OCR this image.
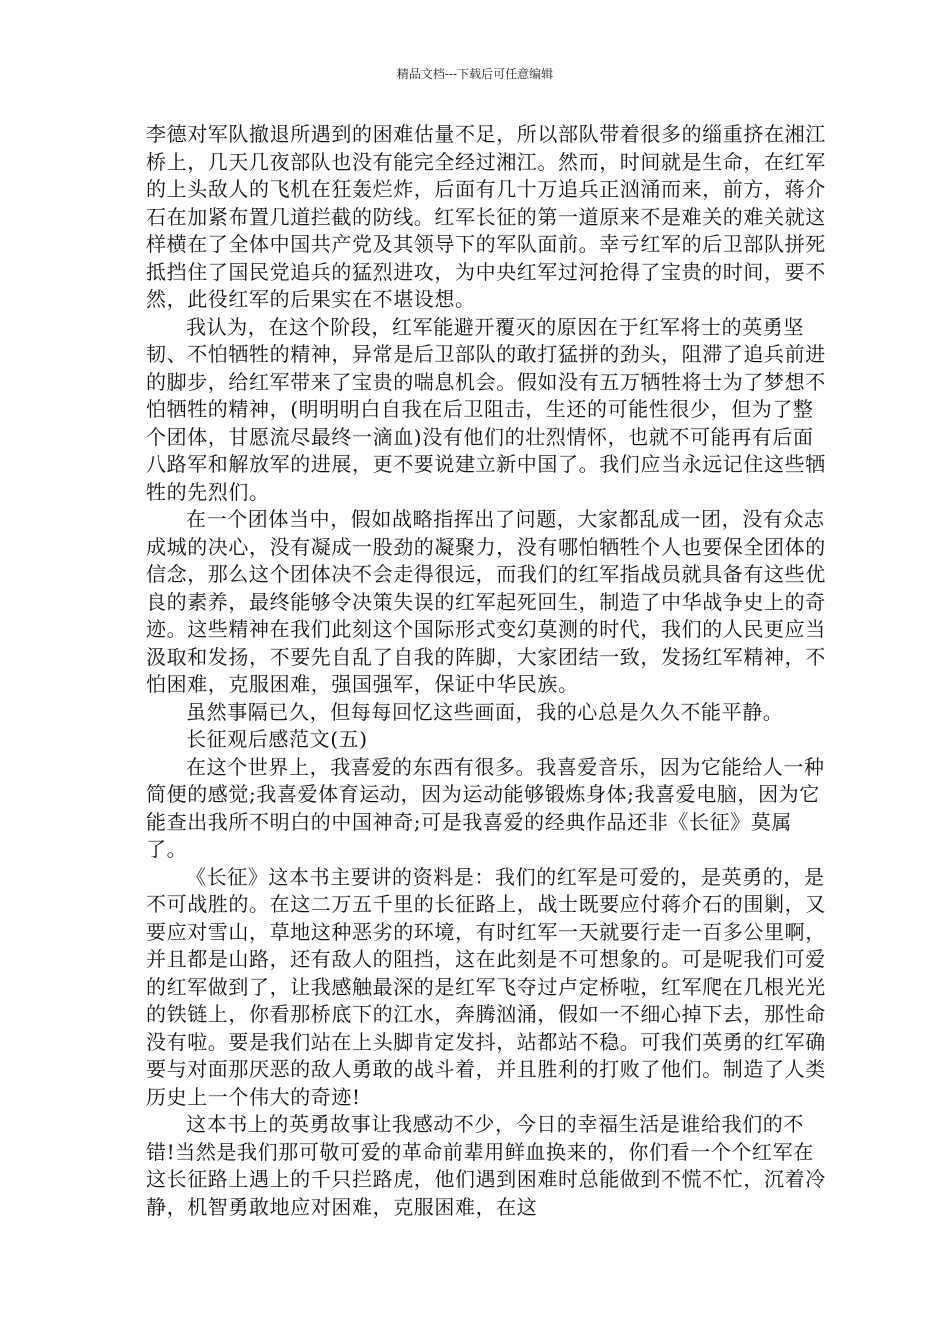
精品文档---下载后可任意编辑

李德对军队撤退所遇到的困难估量不足，所以部队带着很多的缁重挤在湘江桥上，几天几夜部队也没有能完全经过湘江。然而，时间就是生命，在红军的上头敌人的飞机在狂轰烂炸，后面有几十万追兵正汹涌而来，前方，蒋介石在加紧布置几道拦截的防线。红军长征的第一道原来不是难关的难关就这样横在了全体中国共产党及其领导下的军队面前。幸亏红军的后卫部队拼死抵挡住了国民党追兵的猛烈进攻，为中央红军过河抢得了宝贵的时间，要不然，此役红军的后果实在不堪设想。

我认为，在这个阶段，红军能避开覆灭的原因在于红军将士的英勇坚韧、不怕牺牲的精神，异常是后卫部队的敢打猛拼的劲头，阻滞了追兵前进的脚步，给红军带来了宝贵的喘息机会。假如没有五万牺牲将士为了梦想不怕牺牲的精神，(明明明白自我在后卫阻击，生还的可能性很少，但为了整个团体，甘愿流尽最终一滴血)没有他们的壮烈情怀，也就不可能再有后面八路军和解放军的进展，更不要说建立新中国了。我们应当永远记住这些牺牲的先烈们。

在一个团体当中，假如战略指挥出了问题，大家都乱成一团，没有众志成城的决心，没有凝成一股劲的凝聚力，没有哪怕牺牲个人也要保全团体的信念，那么这个团体决不会走得很远，而我们的红军指战员就具备有这些优良的素养，最终能够令决策失误的红军起死回生，制造了中华战争史上的奇迹。这些精神在我们此刻这个国际形式变幻莫测的时代，我们的人民更应当汲取和发扬，不要先自乱了自我的阵脚，大家团结一致，发扬红军精神，不怕困难，克服困难，强国强军，保证中华民族。

虽然事隔已久，但每每回忆这些画面，我的心总是久久不能平静。

长征观后感范文(五)

在这个世界上，我喜爱的东西有很多。我喜爱音乐，因为它能给人一种简便的感觉;我喜爱体育运动，因为运动能够锻炼身体;我喜爱电脑，因为它能查出我所不明白的中国神奇;可是我喜爱的经典作品还非《长征》莫属了。

《长征》这本书主要讲的资料是：我们的红军是可爱的，是英勇的，是不可战胜的。在这二万五千里的长征路上，战士既要应付蒋介石的围剿，又要应对雪山，草地这种恶劣的环境，有时红军一天就要行走一百多公里啊，并且都是山路，还有敌人的阻挡，这在此刻是不可想象的。可是呢我们可爱的红军做到了，让我感触最深的是红军飞夺过卢定桥啦，红军爬在几根光光的铁链上，你看那桥底下的江水，奔腾汹涌，假如一不细心掉下去，那性命没有啦。要是我们站在上头脚肯定发抖，站都站不稳。可我们英勇的红军确要与对面那厌恶的敌人勇敢的战斗着，并且胜利的打败了他们。制造了人类历史上一个伟大的奇迹!

这本书上的英勇故事让我感动不少，今日的幸福生活是谁给我们的不错!当然是我们那可敬可爱的革命前辈用鲜血换来的，你们看一个个红军在这长征路上遇上的千只拦路虎，他们遇到困难时总能做到不慌不忙，沉着冷静，机智勇敢地应对困难，克服困难，在这
